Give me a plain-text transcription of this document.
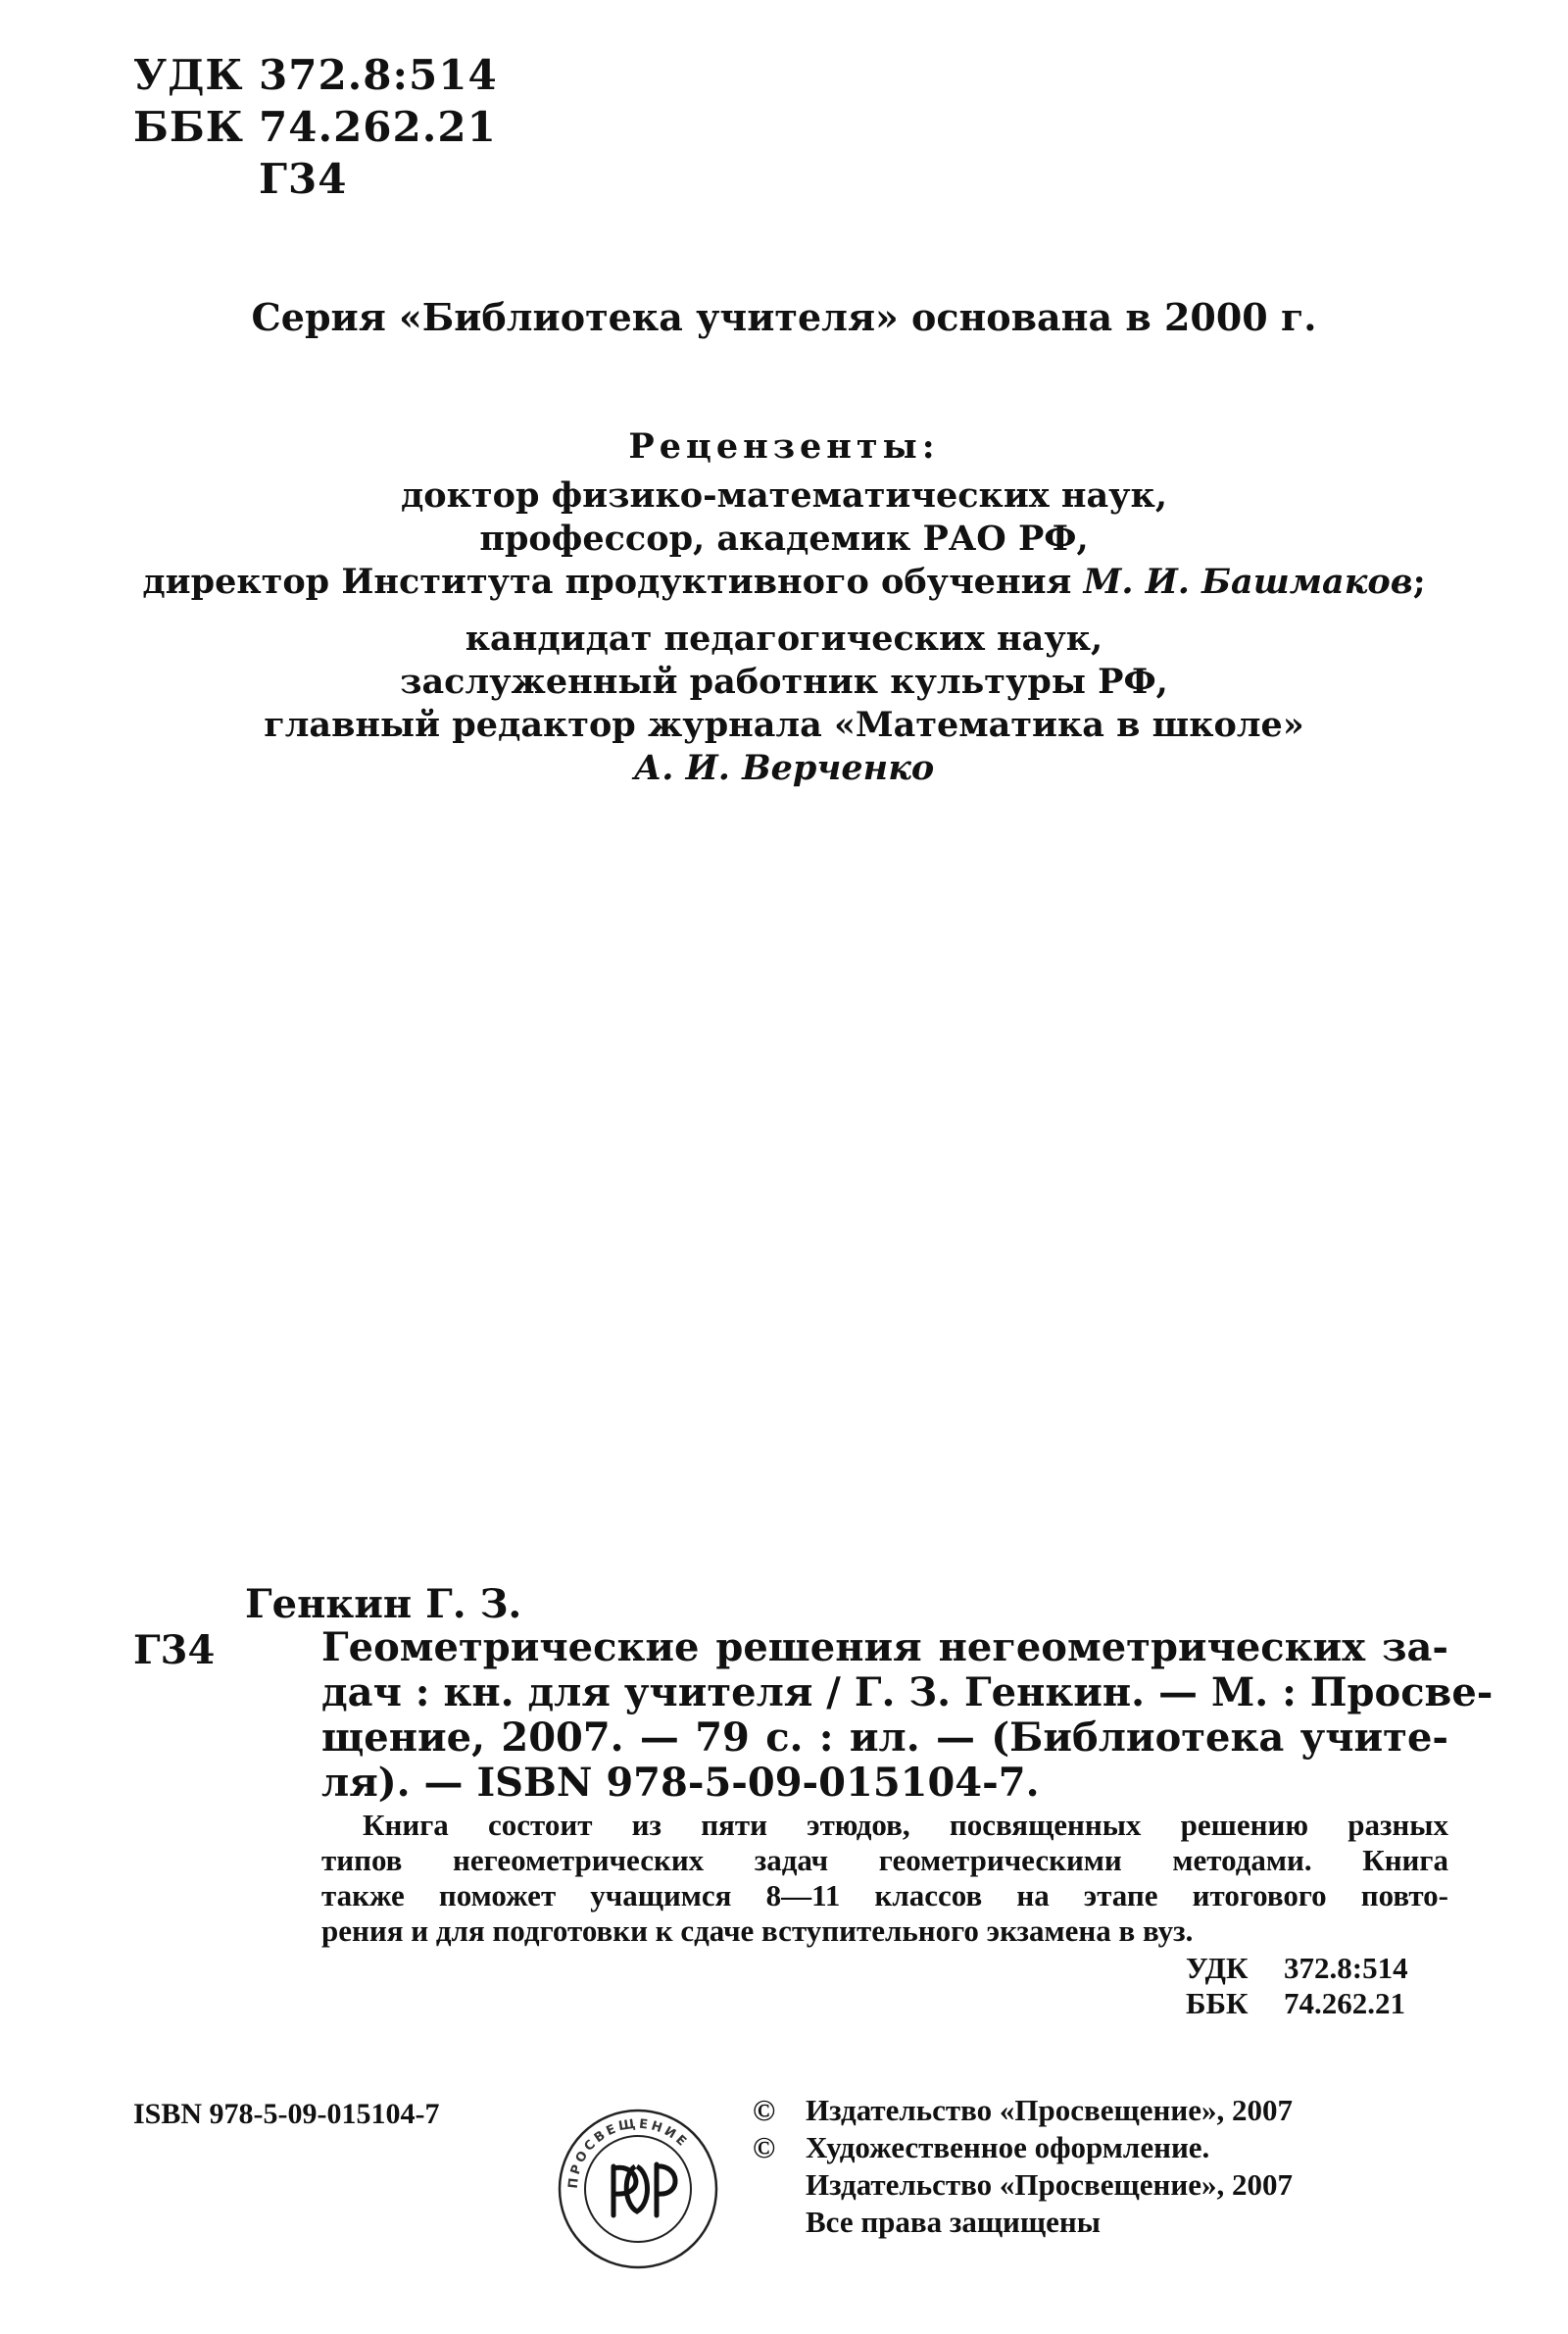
УДК 372.8:514
ББК 74.262.21
Г34
Серия «Библиотека учителя» основана в 2000 г.
Рецензенты:
доктор физико-математических наук,
профессор, академик РАО РФ,
директор Института продуктивного обучения М. И. Башмаков;
кандидат педагогических наук,
заслуженный работник культуры РФ,
главный редактор журнала «Математика в школе»
А. И. Верченко
Генкин Г. З.
Г34	Геометрические решения негеометрических за-
дач : кн. для учителя / Г. З. Генкин. — М. : Просве-
щение, 2007. — 79 с. : ил. — (Библиотека учите-
ля). — ISBN 978-5-09-015104-7.
Книга состоит из пяти этюдов, посвященных решению разных
типов негеометрических задач геометрическими методами. Книга
также поможет учащимся 8—11 классов на этапе итогового повто-
рения и для подготовки к сдаче вступительного экзамена в вуз.
УДК 372.8:514
ББК 74.262.21
ISBN 978-5-09-015104-7	© Издательство «Просвещение», 2007
© Художественное оформление.
Издательство «Просвещение», 2007
Все права защищены
ПРОСВЕЩЕНИЕ
